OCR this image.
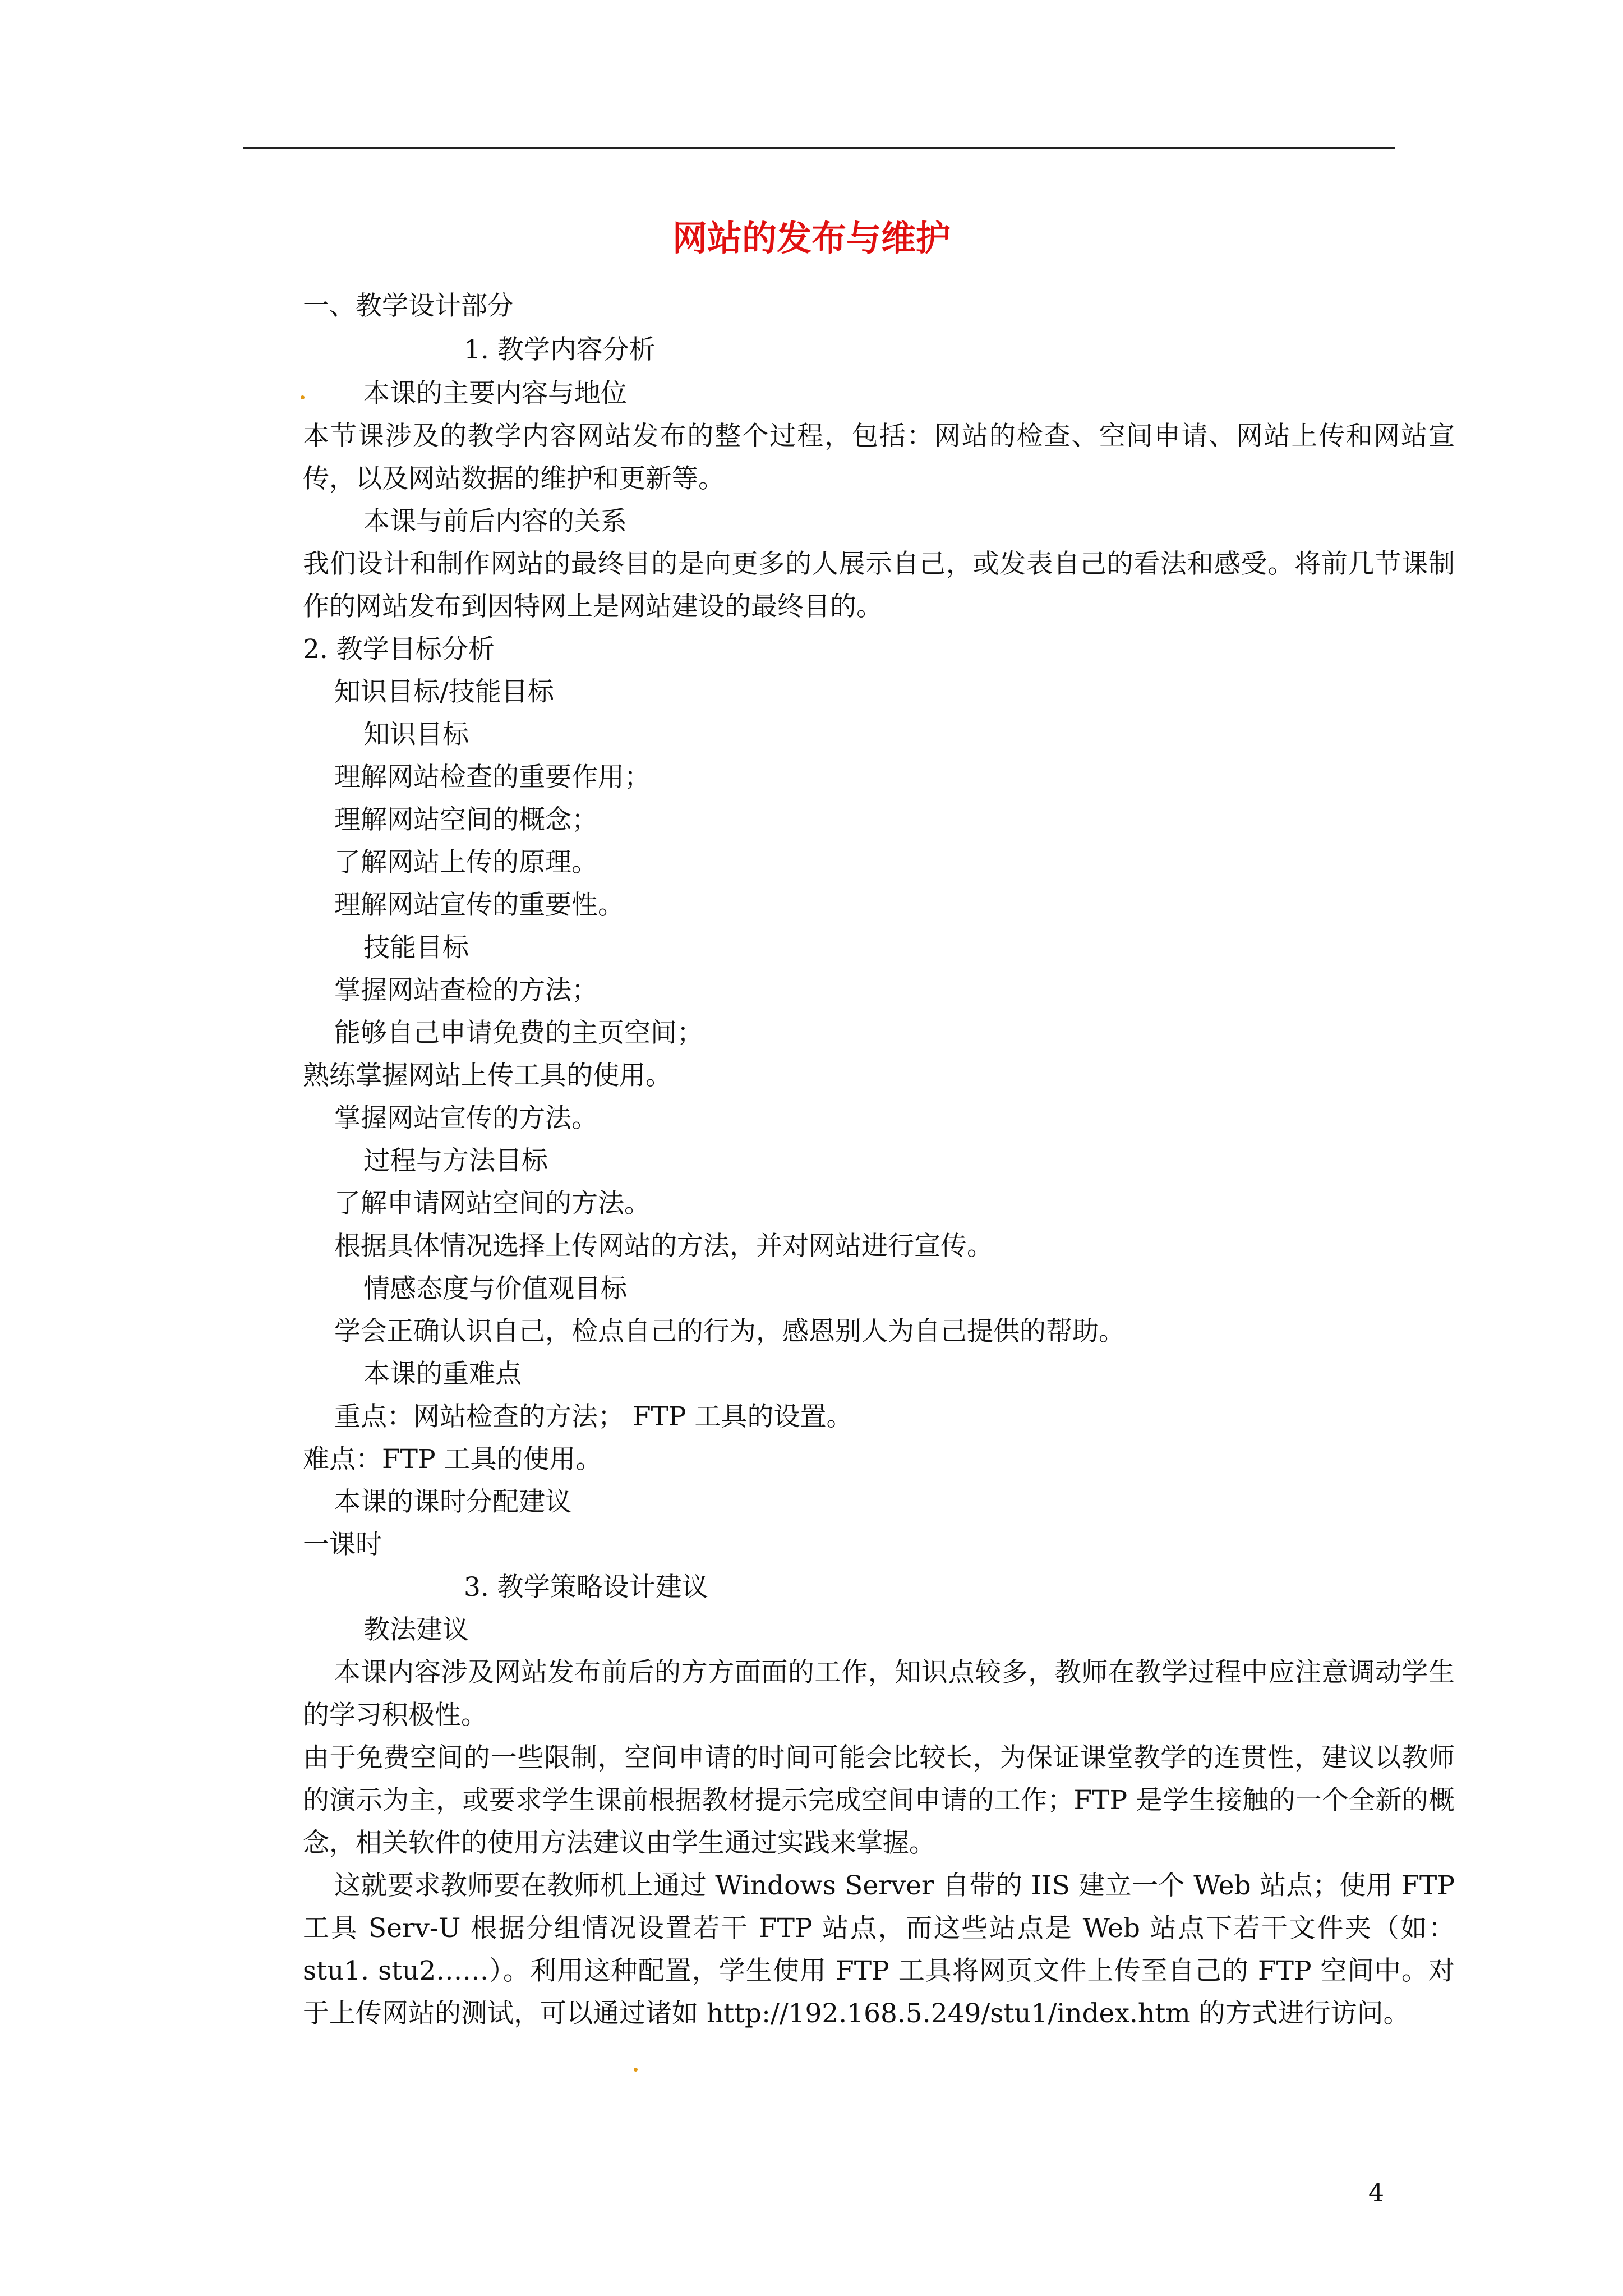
网站的发布与维护
一、教学设计部分
1. 教学内容分析
本课的主要内容与地位
本节课涉及的教学内容网站发布的整个过程，包括：网站的检查、空间申请、网站上传和网站宣传，以及网站数据的维护和更新等。
本课与前后内容的关系
我们设计和制作网站的最终目的是向更多的人展示自己，或发表自己的看法和感受。将前几节课制作的网站发布到因特网上是网站建设的最终目的。
2. 教学目标分析
知识目标/技能目标
知识目标
理解网站检查的重要作用；
理解网站空间的概念；
了解网站上传的原理。
理解网站宣传的重要性。
技能目标
掌握网站查检的方法；
能够自己申请免费的主页空间；
熟练掌握网站上传工具的使用。
掌握网站宣传的方法。
过程与方法目标
了解申请网站空间的方法。
根据具体情况选择上传网站的方法，并对网站进行宣传。
情感态度与价值观目标
学会正确认识自己，检点自己的行为，感恩别人为自己提供的帮助。
本课的重难点
重点：网站检查的方法； FTP 工具的设置。
难点：FTP 工具的使用。
本课的课时分配建议
一课时
3. 教学策略设计建议
教法建议
本课内容涉及网站发布前后的方方面面的工作，知识点较多，教师在教学过程中应注意调动学生的学习积极性。
由于免费空间的一些限制，空间申请的时间可能会比较长，为保证课堂教学的连贯性，建议以教师的演示为主，或要求学生课前根据教材提示完成空间申请的工作；FTP 是学生接触的一个全新的概念，相关软件的使用方法建议由学生通过实践来掌握。
这就要求教师要在教师机上通过 Windows Server 自带的 IIS 建立一个 Web 站点；使用 FTP 工具 Serv-U 根据分组情况设置若干 FTP 站点，而这些站点是 Web 站点下若干文件夹（如：stu1. stu2……）。利用这种配置，学生使用 FTP 工具将网页文件上传至自己的 FTP 空间中。对于上传网站的测试，可以通过诸如 http://192.168.5.249/stu1/index.htm 的方式进行访问。
4
